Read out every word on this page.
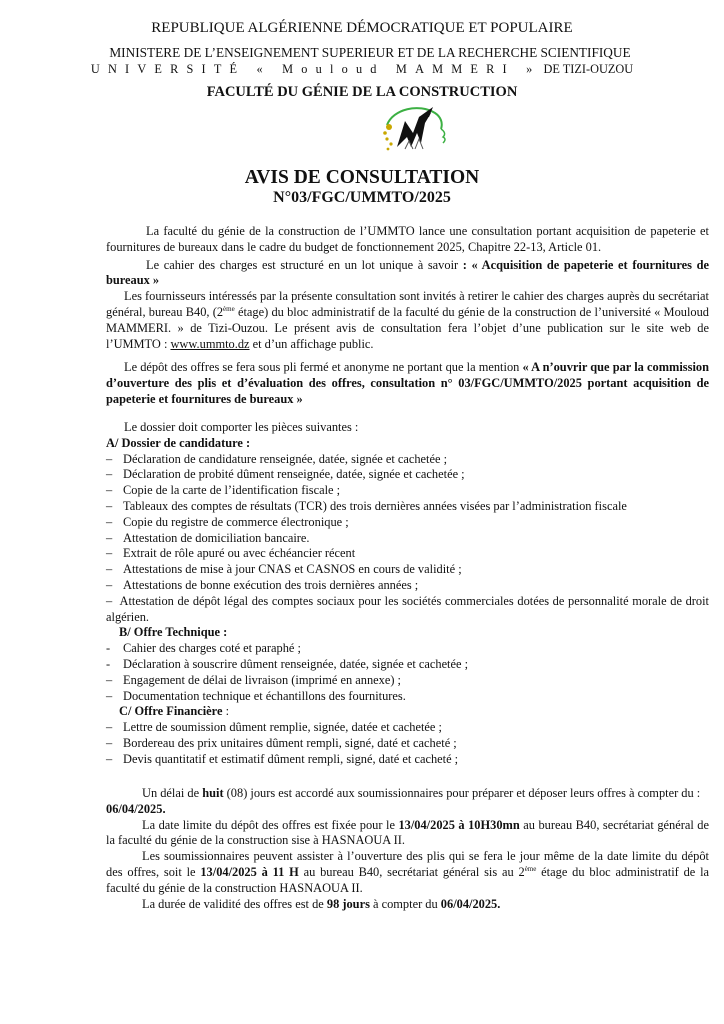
REPUBLIQUE ALGÉRIENNE DÉMOCRATIQUE ET POPULAIRE
MINISTERE DE L’ENSEIGNEMENT SUPERIEUR ET DE LA RECHERCHE SCIENTIFIQUE
UNIVERSITÉ « Mouloud MAMMERI » DE TIZI-OUZOU
FACULTÉ DU GÉNIE DE LA CONSTRUCTION
AVIS DE CONSULTATION
N°03/FGC/UMMTO/2025

La faculté du génie de la construction de l’UMMTO lance une consultation portant acquisition de papeterie et fournitures de bureaux dans le cadre du budget de fonctionnement 2025, Chapitre 22-13, Article 01.

Le cahier des charges est structuré en un lot unique à savoir : « Acquisition de papeterie et fournitures de bureaux »

Les fournisseurs intéressés par la présente consultation sont invités à retirer le cahier des charges auprès du secrétariat général, bureau B40, (2ème étage) du bloc administratif de la faculté du génie de la construction de l’université « Mouloud MAMMERI. » de Tizi-Ouzou. Le présent avis de consultation fera l’objet d’une publication sur le site web de l’UMMTO : www.ummto.dz et d’un affichage public.

Le dépôt des offres se fera sous pli fermé et anonyme ne portant que la mention « A n’ouvrir que par la commission d’ouverture des plis et d’évaluation des offres, consultation n° 03/FGC/UMMTO/2025 portant acquisition de papeterie et fournitures de bureaux »

Le dossier doit comporter les pièces suivantes :

A/ Dossier de candidature :
– Déclaration de candidature renseignée, datée, signée et cachetée ;
– Déclaration de probité dûment renseignée, datée, signée et cachetée ;
– Copie de la carte de l’identification fiscale ;
– Tableaux des comptes de résultats (TCR) des trois dernières années visées par l’administration fiscale
– Copie du registre de commerce électronique ;
– Attestation de domiciliation bancaire.
– Extrait de rôle apuré ou avec échéancier récent
– Attestations de mise à jour CNAS et CASNOS en cours de validité ;
– Attestations de bonne exécution des trois dernières années ;

– Attestation de dépôt légal des comptes sociaux pour les sociétés commerciales dotées de personnalité morale de droit algérien.

B/ Offre Technique :
-	Cahier des charges coté et paraphé ;
-	Déclaration à souscrire dûment renseignée, datée, signée et cachetée ;
– Engagement de délai de livraison (imprimé en annexe) ;
– Documentation technique et échantillons des fournitures.
C/ Offre Financière :
– Lettre de soumission dûment remplie, signée, datée et cachetée ;
– Bordereau des prix unitaires dûment rempli, signé, daté et cacheté ;
– Devis quantitatif et estimatif dûment rempli, signé, daté et cacheté ;

Un délai de huit (08) jours est accordé aux soumissionnaires pour préparer et déposer leurs offres à compter du : 06/04/2025.

La date limite du dépôt des offres est fixée pour le 13/04/2025 à 10H30mn au bureau B40, secrétariat général de la faculté du génie de la construction sise à HASNAOUA II.

Les soumissionnaires peuvent assister à l’ouverture des plis qui se fera le jour même de la date limite du dépôt des offres, soit le 13/04/2025 à 11 H au bureau B40, secrétariat général sis au 2ème étage du bloc administratif de la faculté du génie de la construction HASNAOUA II.

La durée de validité des offres est de 98 jours à compter du 06/04/2025.
